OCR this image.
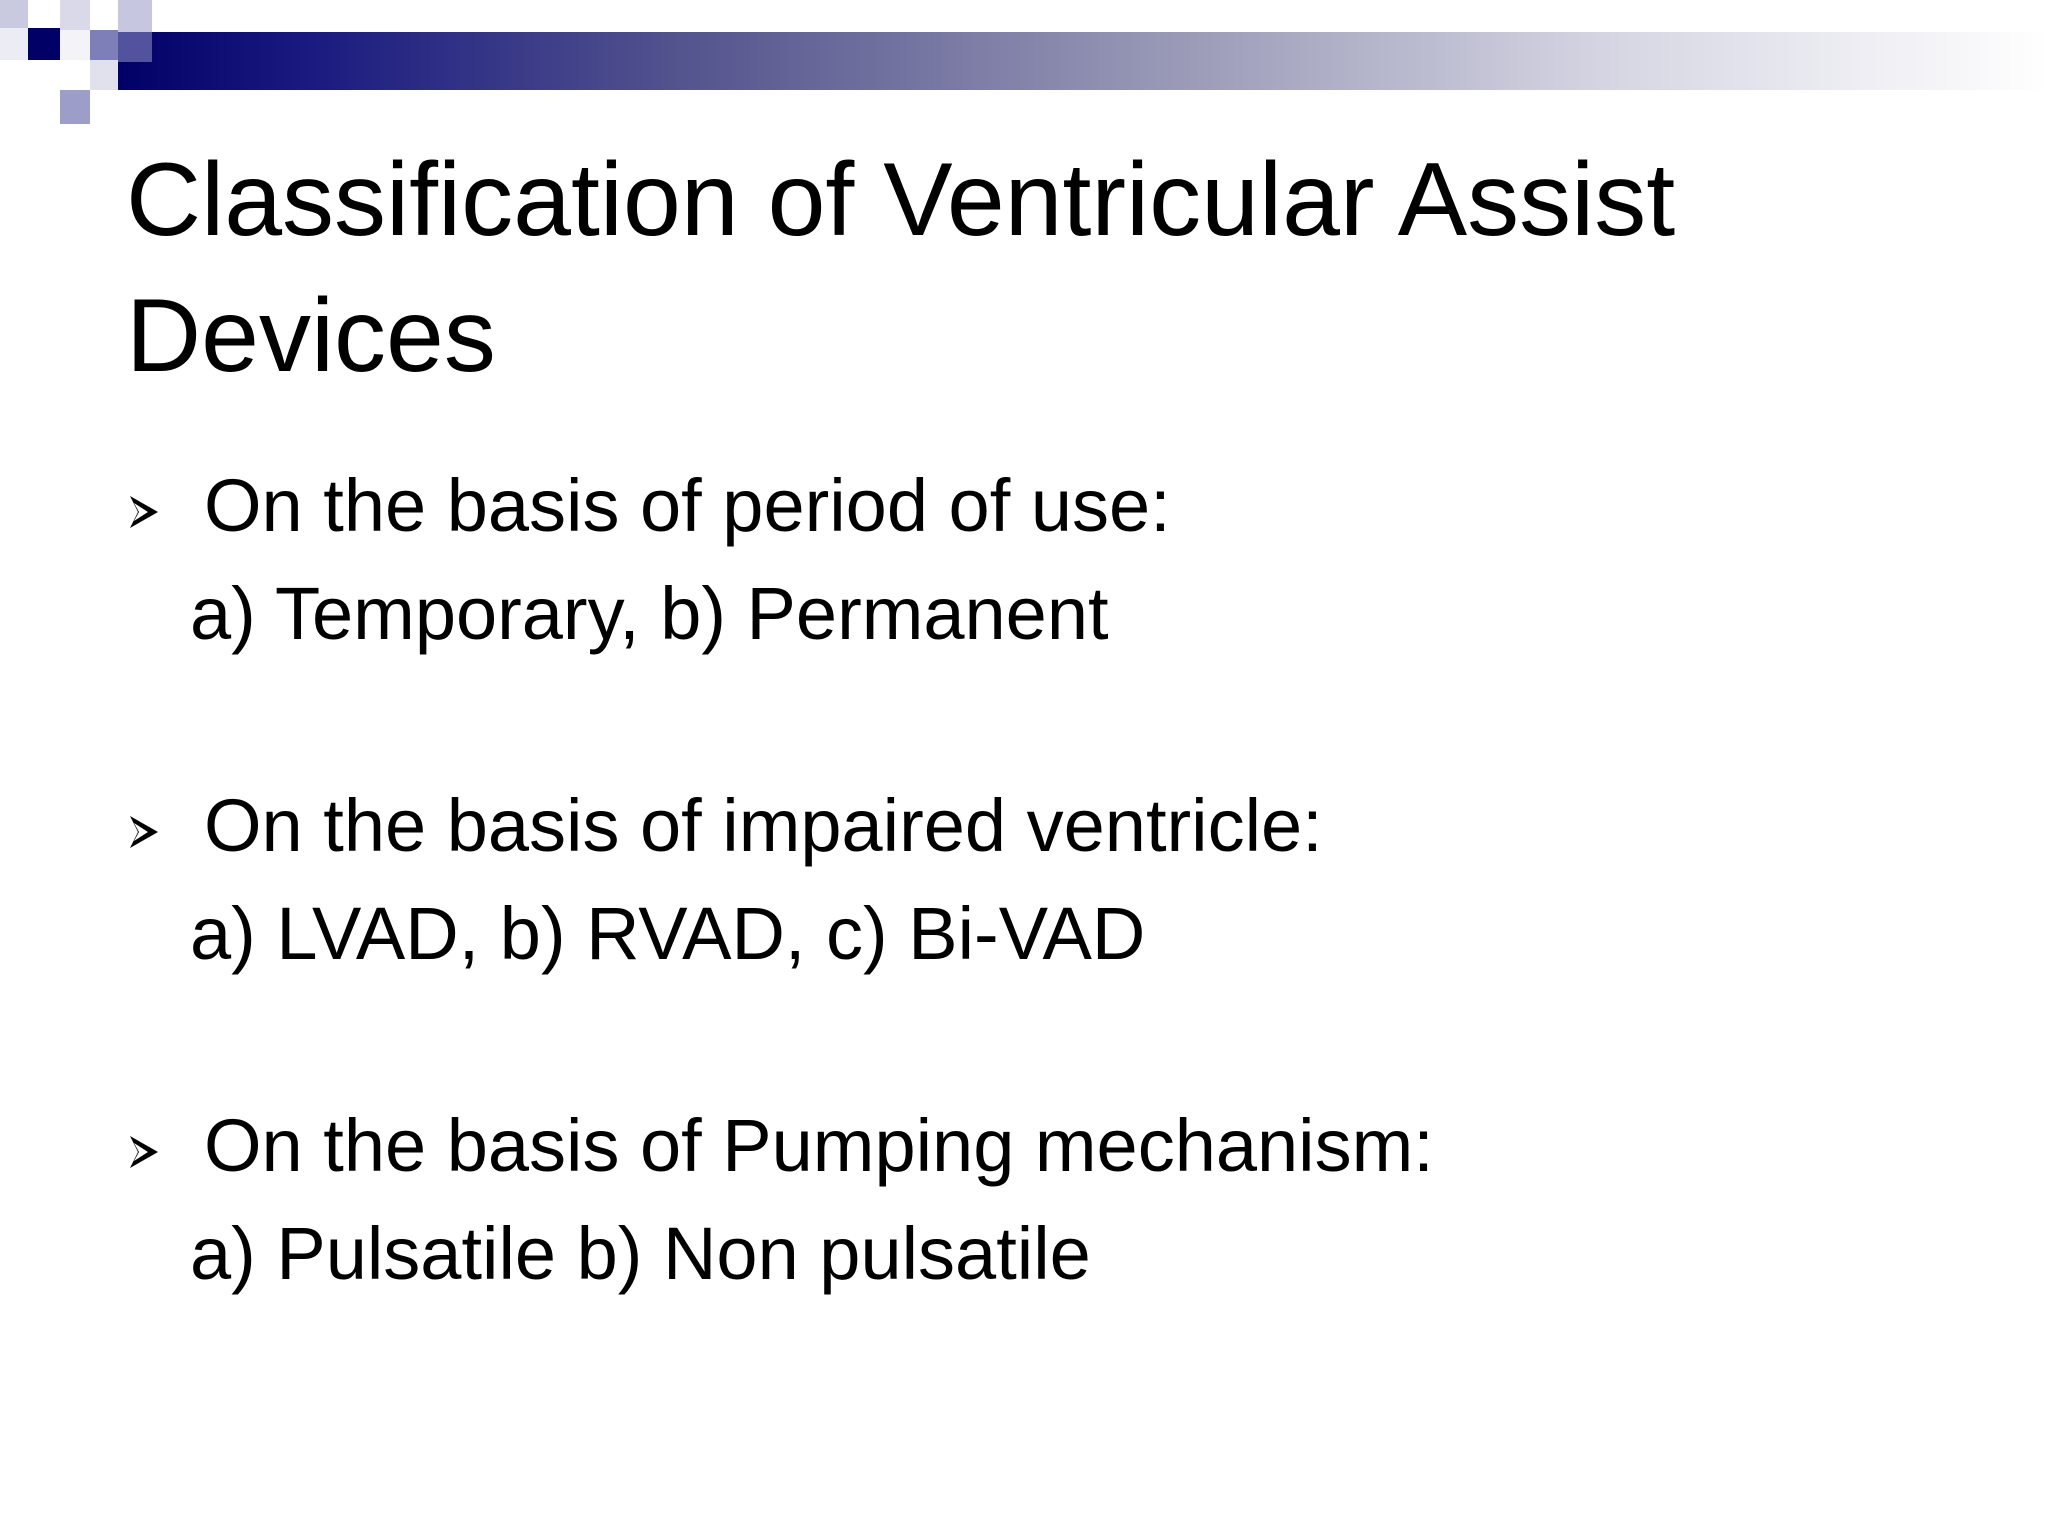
Classification of Ventricular Assist Devices
On the basis of period of use:
a) Temporary, b) Permanent
On the basis of impaired ventricle:
a) LVAD, b) RVAD, c) Bi-VAD
On the basis of Pumping mechanism:
a) Pulsatile b) Non pulsatile
